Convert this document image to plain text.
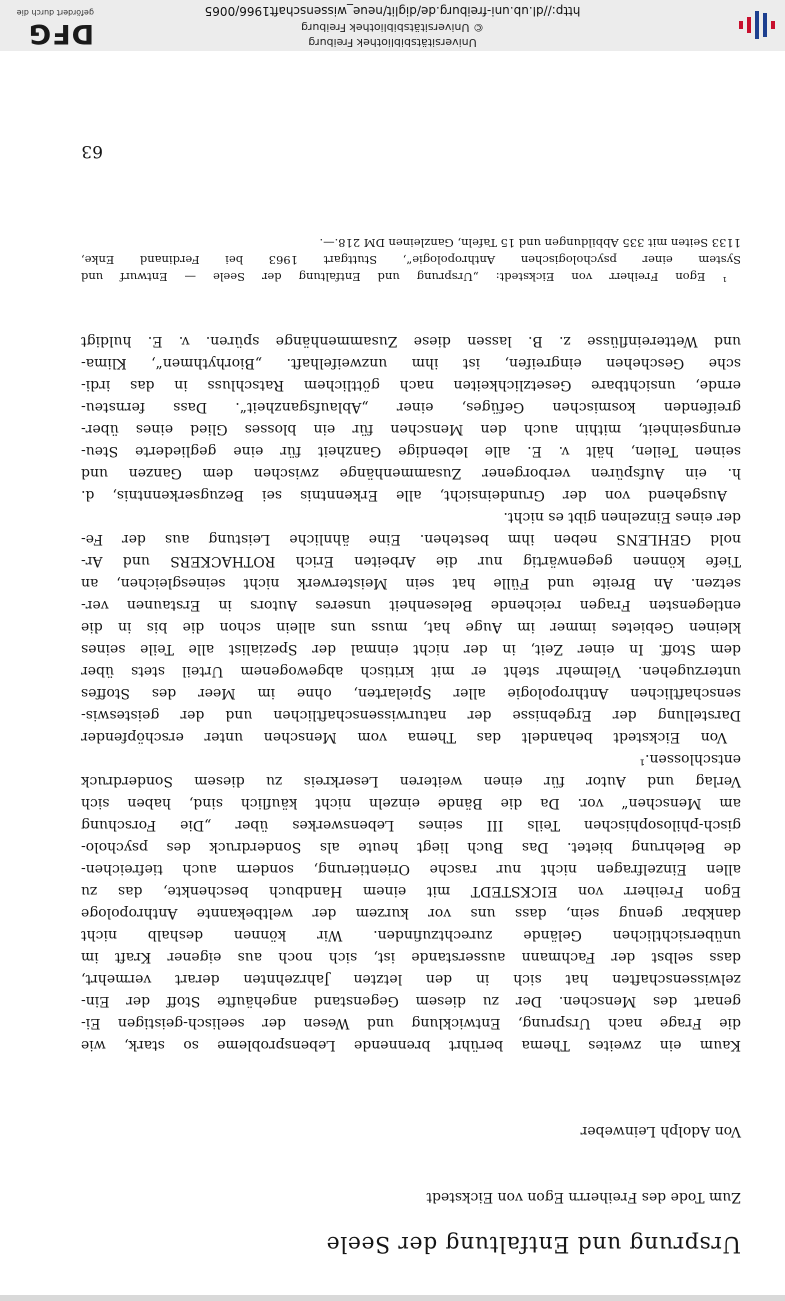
Ursprung und Entfaltung der Seele
Zum Tode des Freiherrn Egon von Eickstedt
Von Adolph Leinweber
Kaum ein zweites Thema berührt brennende Lebensprobleme so stark, wie
die Frage nach Ursprung, Entwicklung und Wesen der seelisch-geistigen Ei-
genart des Menschen. Der zu diesem Gegenstand angehäufte Stoff der Ein-
zelwissenschaften hat sich in den letzten Jahrzehnten derart vermehrt,
dass selbst der Fachmann ausserstande ist, sich noch aus eigener Kraft im
unübersichtlichen Gelände zurechtzufinden. Wir können deshalb nicht
dankbar genug sein, dass uns vor kurzem der weltbekannte Anthropologe
Egon Freiherr von EICKSTEDT mit einem Handbuch beschenkte, das zu
allen Einzelfragen nicht nur rasche Orientierung, sondern auch tiefreichen-
de Belehrung bietet. Das Buch liegt heute als Sonderdruck des psycholo-
gisch-philosophischen Teils III seines Lebenswerkes über „Die Forschung
am Menschen“ vor. Da die Bände einzeln nicht käuflich sind, haben sich
Verlag und Autor für einen weiteren Leserkreis zu diesem Sonderdruck
entschlossen.¹
Von Eickstedt behandelt das Thema vom Menschen unter erschöpfender
Darstellung der Ergebnisse der naturwissenschaftlichen und der geisteswis-
senschaftlichen Anthropologie aller Spielarten, ohne im Meer des Stoffes
unterzugehen. Vielmehr steht er mit kritisch abgewogenem Urteil stets über
dem Stoff. In einer Zeit, in der nicht einmal der Spezialist alle Teile seines
kleinen Gebietes immer im Auge hat, muss uns allein schon die bis in die
entlegensten Fragen reichende Belesenheit unseres Autors in Erstaunen ver-
setzen. An Breite und Fülle hat sein Meisterwerk nicht seinesgleichen, an
Tiefe können gegenwärtig nur die Arbeiten Erich ROTHACKERS und Ar-
nold GEHLENS neben ihm bestehen. Eine ähnliche Leistung aus der Fe-
der eines Einzelnen gibt es nicht.
Ausgehend von der Grundeinsicht, alle Erkenntnis sei Bezugserkenntnis, d.
h. ein Aufspüren verborgener Zusammenhänge zwischen dem Ganzen und
seinen Teilen, hält v. E. alle lebendige Ganzheit für eine gegliederte Steu-
erungseinheit, mithin auch den Menschen für ein blosses Glied eines über-
greifenden kosmischen Gefüges, einer „Ablaufsganzheit“. Dass fernsteu-
ernde, unsichtbare Gesetzlichkeiten nach göttlichem Ratschluss in das irdi-
sche Geschehen eingreifen, ist ihm unzweifelhaft. „Biorhythmen“, Klima-
und Wettereinflüsse z. B. lassen diese Zusammenhänge spüren. v. E. huldigt
¹ Egon Freiherr von Eickstedt: „Ursprung und Entfaltung der Seele — Entwurf und
System einer psychologischen Anthropologie“, Stuttgart 1963 bei Ferdinand Enke,
1133 Seiten mit 335 Abbildungen und 15 Tafeln, Ganzleinen DM 218.—.
63
Universitätsbibliothek Freiburg
© Universitätsbibliothek Freiburg
http://dl.ub.uni-freiburg.de/diglit/neue_wissenschaft1966/0065
DFG
gefördert durch die
